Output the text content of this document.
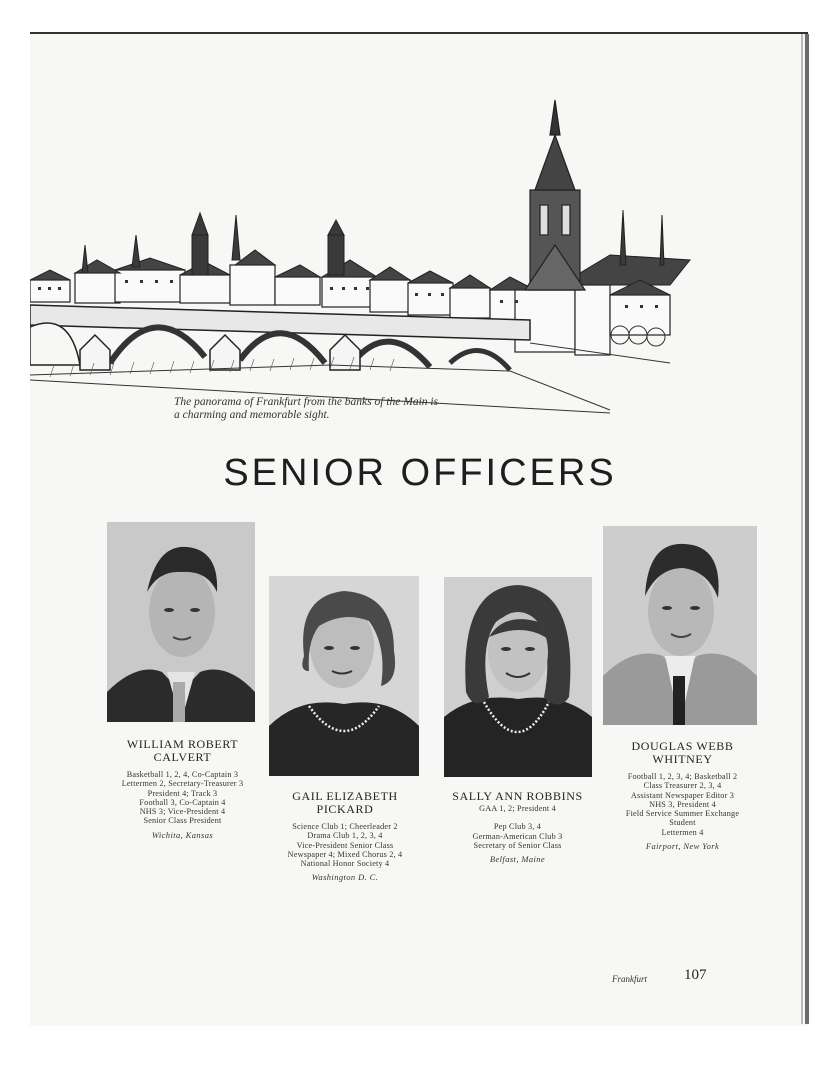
The panorama of Frankfurt from the banks of the Main is
a charming and memorable sight.
SENIOR OFFICERS
WILLIAM ROBERT
CALVERT
Basketball 1, 2, 4, Co-Captain 3
Lettermen 2, Secretary-Treasurer 3
President 4; Track 3
Football 3, Co-Captain 4
NHS 3; Vice-President 4
Senior Class President
Wichita, Kansas
GAIL ELIZABETH
PICKARD
Science Club 1; Cheerleader 2
Drama Club 1, 2, 3, 4
Vice-President Senior Class
Newspaper 4; Mixed Chorus 2, 4
National Honor Society 4
Washington D. C.
SALLY ANN ROBBINS
GAA 1, 2; President 4
Pep Club 3, 4
German-American Club 3
Secretary of Senior Class
Belfast, Maine
DOUGLAS WEBB
WHITNEY
Football 1, 2, 3, 4; Basketball 2
Class Treasurer 2, 3, 4
Assistant Newspaper Editor 3
NHS 3, President 4
Field Service Summer Exchange
Student
Lettermen 4
Fairport, New York
Frankfurt 107
